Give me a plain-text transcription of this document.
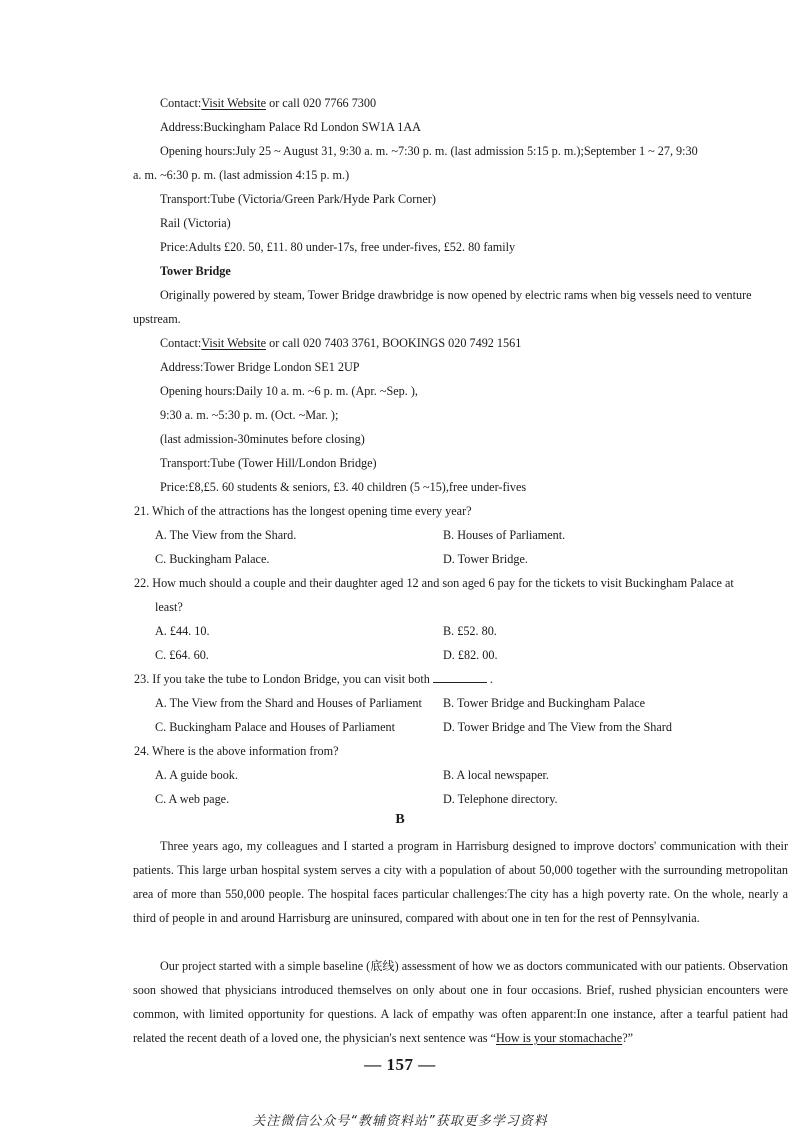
Contact:Visit Website or call 020 7766 7300
Address:Buckingham Palace Rd London SW1A 1AA
Opening hours:July 25 ~ August 31, 9:30 a. m. ~7:30 p. m. (last admission 5:15 p. m.);September 1 ~ 27, 9:30
a. m. ~6:30 p. m. (last admission 4:15 p. m.)
Transport:Tube (Victoria/Green Park/Hyde Park Corner)
Rail (Victoria)
Price:Adults £20. 50, £11. 80 under-17s, free under-fives, £52. 80 family
Tower Bridge
Originally powered by steam, Tower Bridge drawbridge is now opened by electric rams when big vessels need to venture
upstream.
Contact:Visit Website or call 020 7403 3761, BOOKINGS 020 7492 1561
Address:Tower Bridge London SE1 2UP
Opening hours:Daily 10 a. m. ~6 p. m. (Apr. ~Sep. ),
9:30 a. m. ~5:30 p. m. (Oct. ~Mar. );
(last admission-30minutes before closing)
Transport:Tube (Tower Hill/London Bridge)
Price:£8,£5. 60 students & seniors, £3. 40 children (5 ~15),free under-fives
21. Which of the attractions has the longest opening time every year?
A. The View from the Shard.	B. Houses of Parliament.
C. Buckingham Palace.	D. Tower Bridge.
22. How much should a couple and their daughter aged 12 and son aged 6 pay for the tickets to visit Buckingham Palace at
least?
A. £44. 10.	B. £52. 80.
C. £64. 60.	D. £82. 00.
23. If you take the tube to London Bridge, you can visit both	.
A. The View from the Shard and Houses of Parliament B. Tower Bridge and Buckingham Palace
C. Buckingham Palace and Houses of Parliament	D. Tower Bridge and The View from the Shard
24. Where is the above information from?
A. A guide book.	B. A local newspaper.
C. A web page.	D. Telephone directory.
B
Three years ago, my colleagues and I started a program in Harrisburg designed to improve doctors' communication with their patients. This large urban hospital system serves a city with a population of about 50,000 together with the surrounding metropolitan area of more than 550,000 people. The hospital faces particular challenges:The city has a high poverty rate. On the whole, nearly a third of people in and around Harrisburg are uninsured, compared with about one in ten for the rest of Pennsylvania.
Our project started with a simple baseline (底线) assessment of how we as doctors communicated with our patients. Observation soon showed that physicians introduced themselves on only about one in four occasions. Brief, rushed physician encounters were common, with limited opportunity for questions. A lack of empathy was often apparent:In one instance, after a tearful patient had related the recent death of a loved one, the physician's next sentence was “How is your stomachache?”
— 157 —
关注微信公众号“教辅资料站”获取更多学习资料
